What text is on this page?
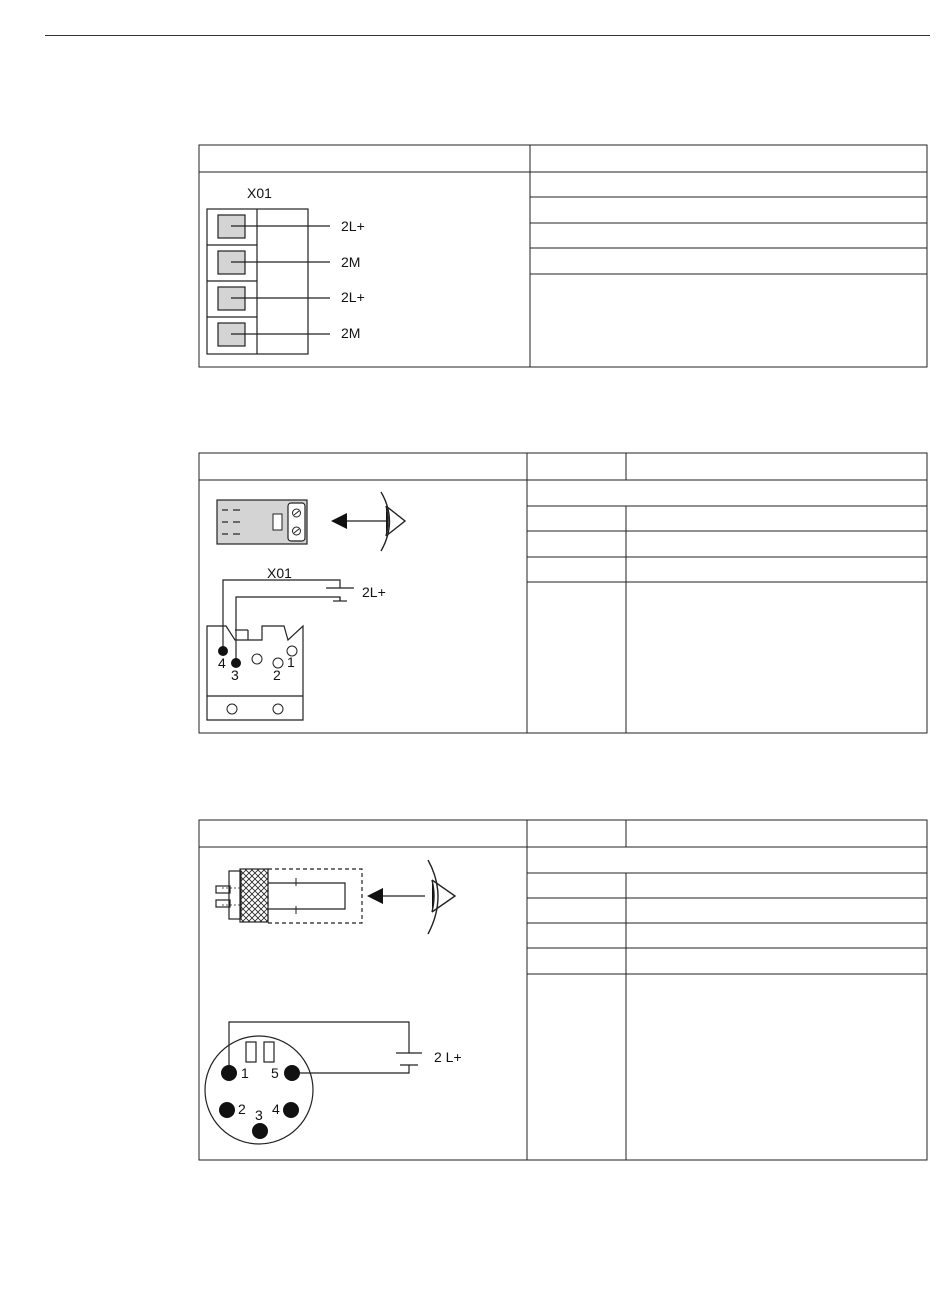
X01
2L+
2M
2L+
2M
X01
2L+
4
3 2
1
2 L+
1 5
2 3 4
